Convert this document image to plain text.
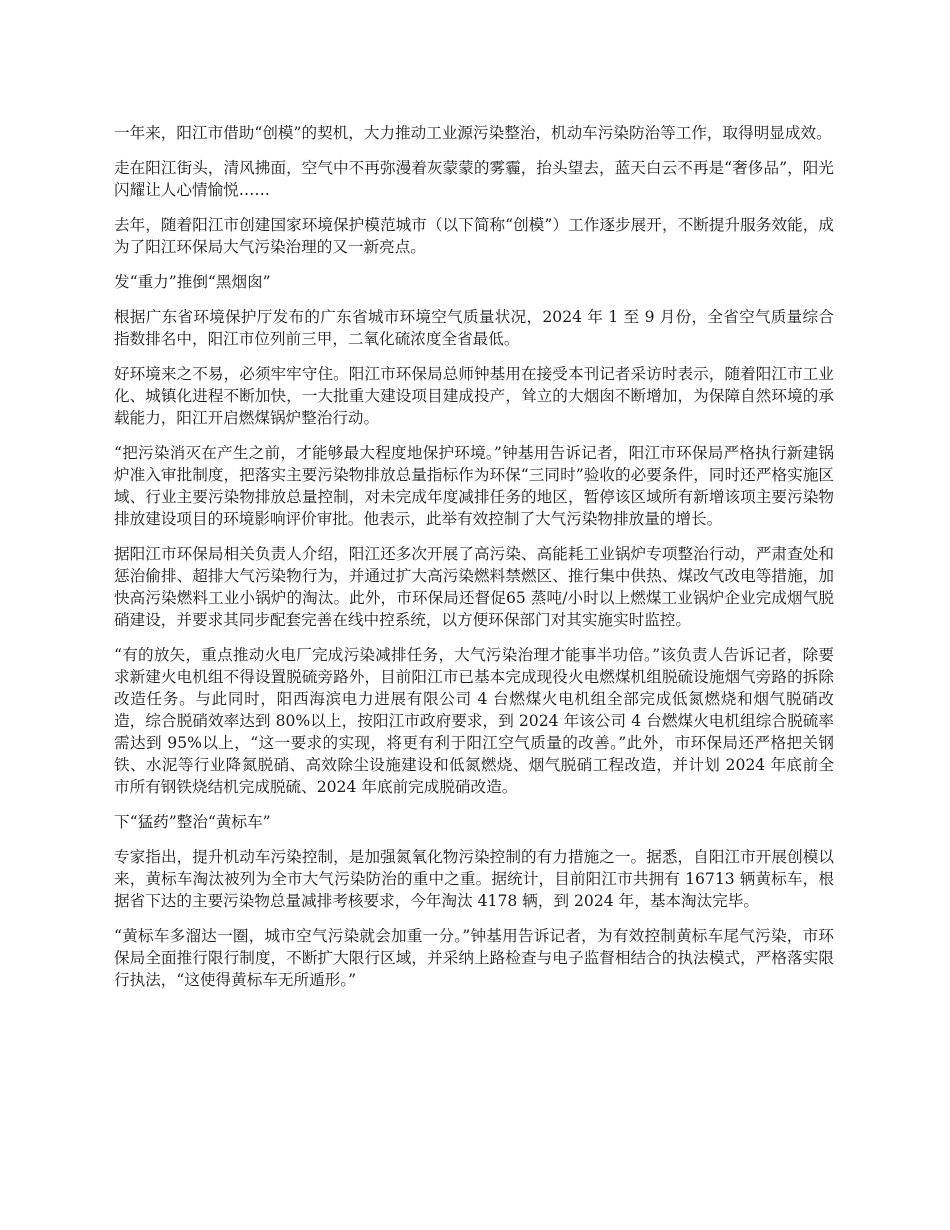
一年来，阳江市借助“创模”的契机，大力推动工业源污染整治，机动车污染防治等工作，取得明显成效。

走在阳江街头，清风拂面，空气中不再弥漫着灰蒙蒙的雾霾，抬头望去，蓝天白云不再是“奢侈品”，阳光闪耀让人心情愉悦……

去年，随着阳江市创建国家环境保护模范城市（以下简称“创模”）工作逐步展开，不断提升服务效能，成为了阳江环保局大气污染治理的又一新亮点。

发“重力”推倒“黑烟囱”

根据广东省环境保护厅发布的广东省城市环境空气质量状况，2024 年 1 至 9 月份，全省空气质量综合指数排名中，阳江市位列前三甲，二氧化硫浓度全省最低。

好环境来之不易，必须牢牢守住。阳江市环保局总师钟基用在接受本刊记者采访时表示，随着阳江市工业化、城镇化进程不断加快，一大批重大建设项目建成投产，耸立的大烟囱不断增加，为保障自然环境的承载能力，阳江开启燃煤锅炉整治行动。

“把污染消灭在产生之前，才能够最大程度地保护环境。”钟基用告诉记者，阳江市环保局严格执行新建锅炉准入审批制度，把落实主要污染物排放总量指标作为环保“三同时”验收的必要条件，同时还严格实施区域、行业主要污染物排放总量控制，对未完成年度减排任务的地区，暂停该区域所有新增该项主要污染物排放建设项目的环境影响评价审批。他表示，此举有效控制了大气污染物排放量的增长。

据阳江市环保局相关负责人介绍，阳江还多次开展了高污染、高能耗工业锅炉专项整治行动，严肃查处和惩治偷排、超排大气污染物行为，并通过扩大高污染燃料禁燃区、推行集中供热、煤改气改电等措施，加快高污染燃料工业小锅炉的淘汰。此外，市环保局还督促65 蒸吨/小时以上燃煤工业锅炉企业完成烟气脱硝建设，并要求其同步配套完善在线中控系统，以方便环保部门对其实施实时监控。

“有的放矢，重点推动火电厂完成污染减排任务，大气污染治理才能事半功倍。”该负责人告诉记者，除要求新建火电机组不得设置脱硫旁路外，目前阳江市已基本完成现役火电燃煤机组脱硫设施烟气旁路的拆除改造任务。与此同时，阳西海滨电力进展有限公司 4 台燃煤火电机组全部完成低氮燃烧和烟气脱硝改造，综合脱硝效率达到 80%以上，按阳江市政府要求，到 2024 年该公司 4 台燃煤火电机组综合脱硫率需达到 95%以上，“这一要求的实现，将更有利于阳江空气质量的改善。”此外，市环保局还严格把关钢铁、水泥等行业降氮脱硝、高效除尘设施建设和低氮燃烧、烟气脱硝工程改造，并计划 2024 年底前全市所有钢铁烧结机完成脱硫、2024 年底前完成脱硝改造。

下“猛药”整治“黄标车”

专家指出，提升机动车污染控制，是加强氮氧化物污染控制的有力措施之一。据悉，自阳江市开展创模以来，黄标车淘汰被列为全市大气污染防治的重中之重。据统计，目前阳江市共拥有 16713 辆黄标车，根据省下达的主要污染物总量减排考核要求，今年淘汰 4178 辆，到 2024 年，基本淘汰完毕。

“黄标车多溜达一圈，城市空气污染就会加重一分。”钟基用告诉记者，为有效控制黄标车尾气污染，市环保局全面推行限行制度，不断扩大限行区域，并采纳上路检查与电子监督相结合的执法模式，严格落实限行执法，“这使得黄标车无所遁形。”
